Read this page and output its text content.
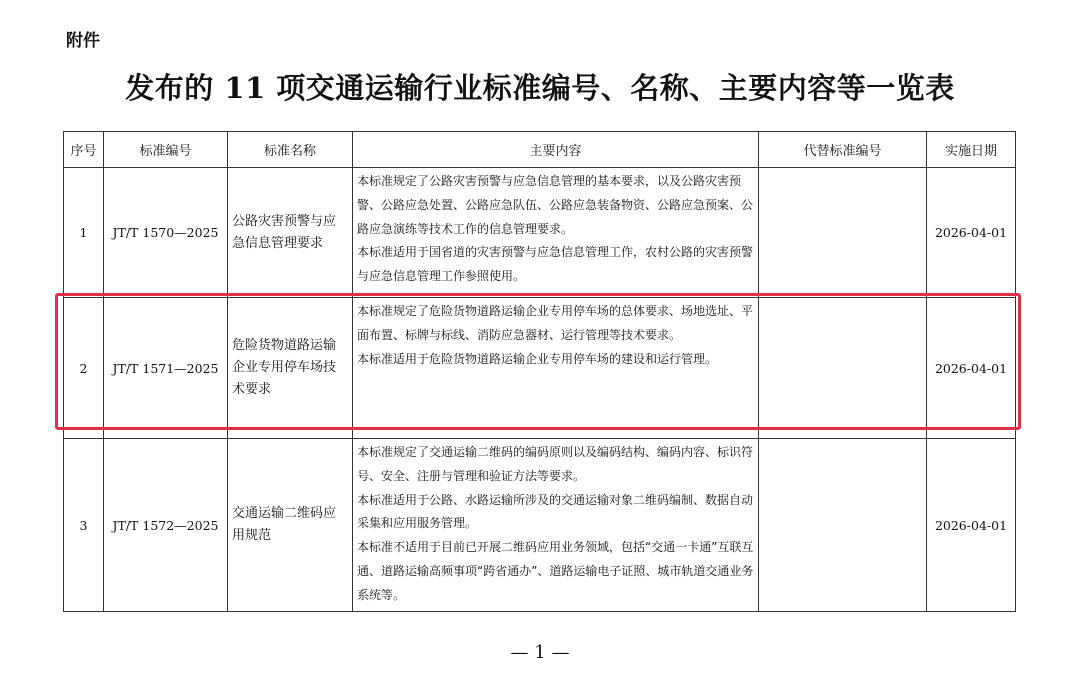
附件
发布的 11 项交通运输行业标准编号、名称、主要内容等一览表
序号	标准编号	标准名称	主要内容	代替标准编号	实施日期
1	JT/T 1570—2025	公路灾害预警与应急信息管理要求	本标准规定了公路灾害预警与应急信息管理的基本要求，以及公路灾害预警、公路应急处置、公路应急队伍、公路应急装备物资、公路应急预案、公路应急演练等技术工作的信息管理要求。

本标准适用于国省道的灾害预警与应急信息管理工作，农村公路的灾害预警与应急信息管理工作参照使用。		2026-04-01
2	JT/T 1571—2025	危险货物道路运输企业专用停车场技术要求	本标准规定了危险货物道路运输企业专用停车场的总体要求、场地选址、平面布置、标牌与标线、消防应急器材、运行管理等技术要求。

本标准适用于危险货物道路运输企业专用停车场的建设和运行管理。		2026-04-01
3	JT/T 1572—2025	交通运输二维码应用规范	本标准规定了交通运输二维码的编码原则以及编码结构、编码内容、标识符号、安全、注册与管理和验证方法等要求。

本标准适用于公路、水路运输所涉及的交通运输对象二维码编制、数据自动采集和应用服务管理。

本标准不适用于目前已开展二维码应用业务领域，包括“交通一卡通”互联互通、道路运输高频事项“跨省通办”、道路运输电子证照、城市轨道交通业务系统等。		2026-04-01
— 1 —
